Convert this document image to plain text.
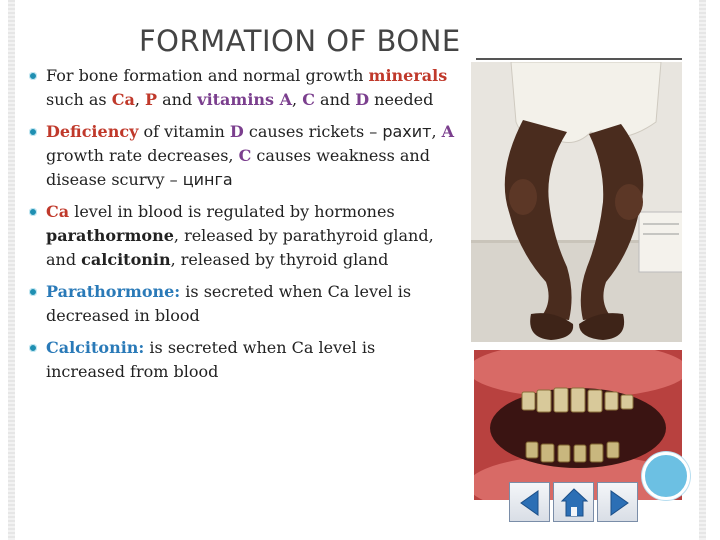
FORMATION OF BONE
For bone formation and normal growth minerals such as Ca, P and vitamins A, C and D needed
Deficiency of vitamin D causes rickets – рахит, A growth rate decreases, C causes weakness and disease scurvy – цинга
Ca level in blood is regulated by hormones parathormone, released by parathyroid gland, and calcitonin, released by thyroid gland
Parathormone: is secreted when Ca level is decreased in blood
Calcitonin: is secreted when Ca level is increased from blood
